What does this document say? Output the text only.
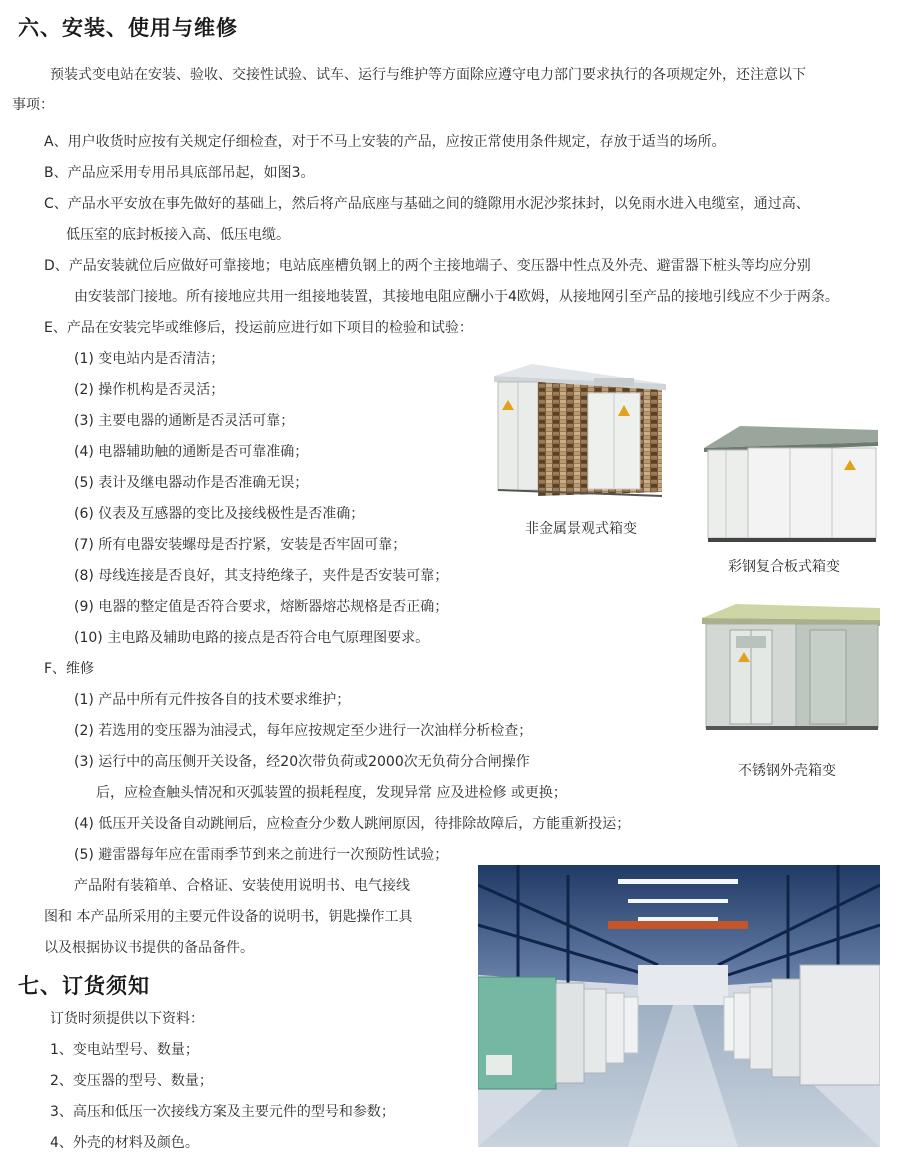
六、安装、使用与维修
预装式变电站在安装、验收、交接性试验、试车、运行与维护等方面除应遵守电力部门要求执行的各项规定外，还注意以下
事项：
A、用户收货时应按有关规定仔细检查，对于不马上安装的产品，应按正常使用条件规定，存放于适当的场所。
B、产品应采用专用吊具底部吊起，如图3。
C、产品水平安放在事先做好的基础上，然后将产品底座与基础之间的缝隙用水泥沙浆抹封，以免雨水进入电缆室，通过高、
低压室的底封板接入高、低压电缆。
D、产品安装就位后应做好可靠接地；电站底座槽负钢上的两个主接地端子、变压器中性点及外壳、避雷器下桩头等均应分别
由安装部门接地。所有接地应共用一组接地装置，其接地电阻应酬小于4欧姆，从接地网引至产品的接地引线应不少于两条。
E、产品在安装完毕或维修后，投运前应进行如下项目的检验和试验：
(1) 变电站内是否清洁；
(2) 操作机构是否灵活；
(3) 主要电器的通断是否灵活可靠；
(4) 电器辅助触的通断是否可靠准确；
(5) 表计及继电器动作是否准确无误；
(6) 仪表及互感器的变比及接线极性是否准确；
(7) 所有电器安装螺母是否拧紧，安装是否牢固可靠；
(8) 母线连接是否良好，其支持绝缘子，夹件是否安装可靠；
(9) 电器的整定值是否符合要求，熔断器熔芯规格是否正确；
(10) 主电路及辅助电路的接点是否符合电气原理图要求。
F、维修
(1) 产品中所有元件按各自的技术要求维护；
(2) 若选用的变压器为油浸式，每年应按规定至少进行一次油样分析检查；
(3) 运行中的高压侧开关设备，经20次带负荷或2000次无负荷分合闸操作
后，应检查触头情况和灭弧装置的损耗程度，发现异常 应及进检修 或更换；
(4) 低压开关设备自动跳闸后，应检查分少数人跳闸原因，待排除故障后，方能重新投运；
(5) 避雷器每年应在雷雨季节到来之前进行一次预防性试验；
产品附有装箱单、合格证、安装使用说明书、电气接线
图和 本产品所采用的主要元件设备的说明书，钥匙操作工具
以及根据协议书提供的备品备件。
七、订货须知
订货时须提供以下资料：
1、变电站型号、数量；
2、变压器的型号、数量；
3、高压和低压一次接线方案及主要元件的型号和参数；
4、外壳的材料及颜色。
非金属景观式箱变
彩钢复合板式箱变
不锈钢外壳箱变
